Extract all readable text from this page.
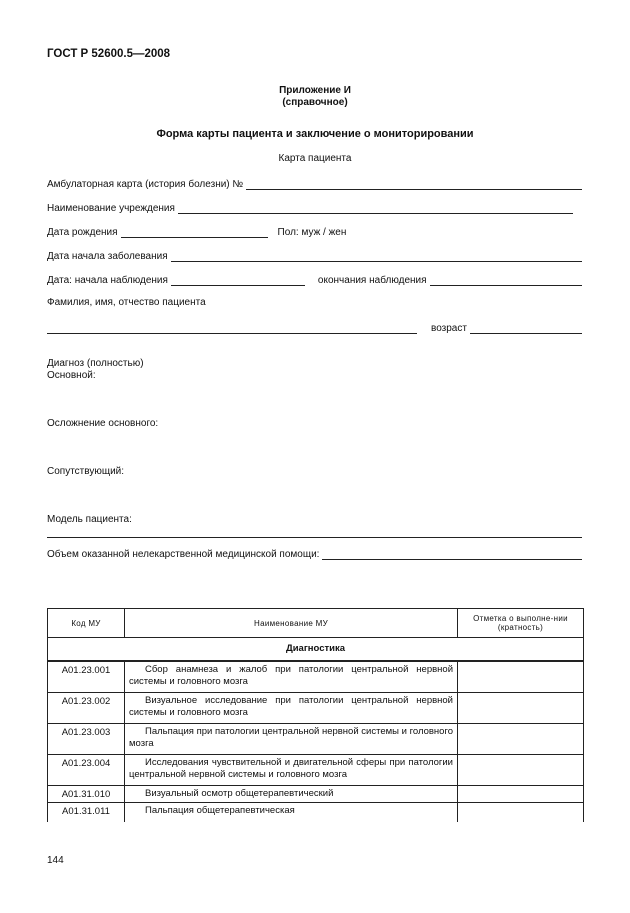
ГОСТ Р 52600.5—2008
Приложение И
(справочное)
Форма карты пациента и заключение о мониторировании
Карта пациента
Амбулаторная карта (история болезни) №
Наименование учреждения
Дата рождения	Пол: муж / жен
Дата начала заболевания
Дата: начала наблюдения	окончания наблюдения
Фамилия, имя, отчество пациента
возраст
Диагноз (полностью)
Основной:
Осложнение основного:
Сопутствующий:
Модель пациента:
Объем оказанной нелекарственной медицинской помощи:
Код МУ	Наименование МУ	Отметка о выполне-нии (кратность)
Диагностика		
A01.23.001	Сбор анамнеза и жалоб при патологии центральной нервной системы и головного мозга	
A01.23.002	Визуальное исследование при патологии центральной нервной системы и головного мозга	
A01.23.003	Пальпация при патологии центральной нервной системы и головного мозга	
A01.23.004	Исследования чувствительной и двигательной сферы при патологии центральной нервной системы и головного мозга	
A01.31.010	Визуальный осмотр общетерапевтический	
A01.31.011	Пальпация общетерапевтическая	
144
